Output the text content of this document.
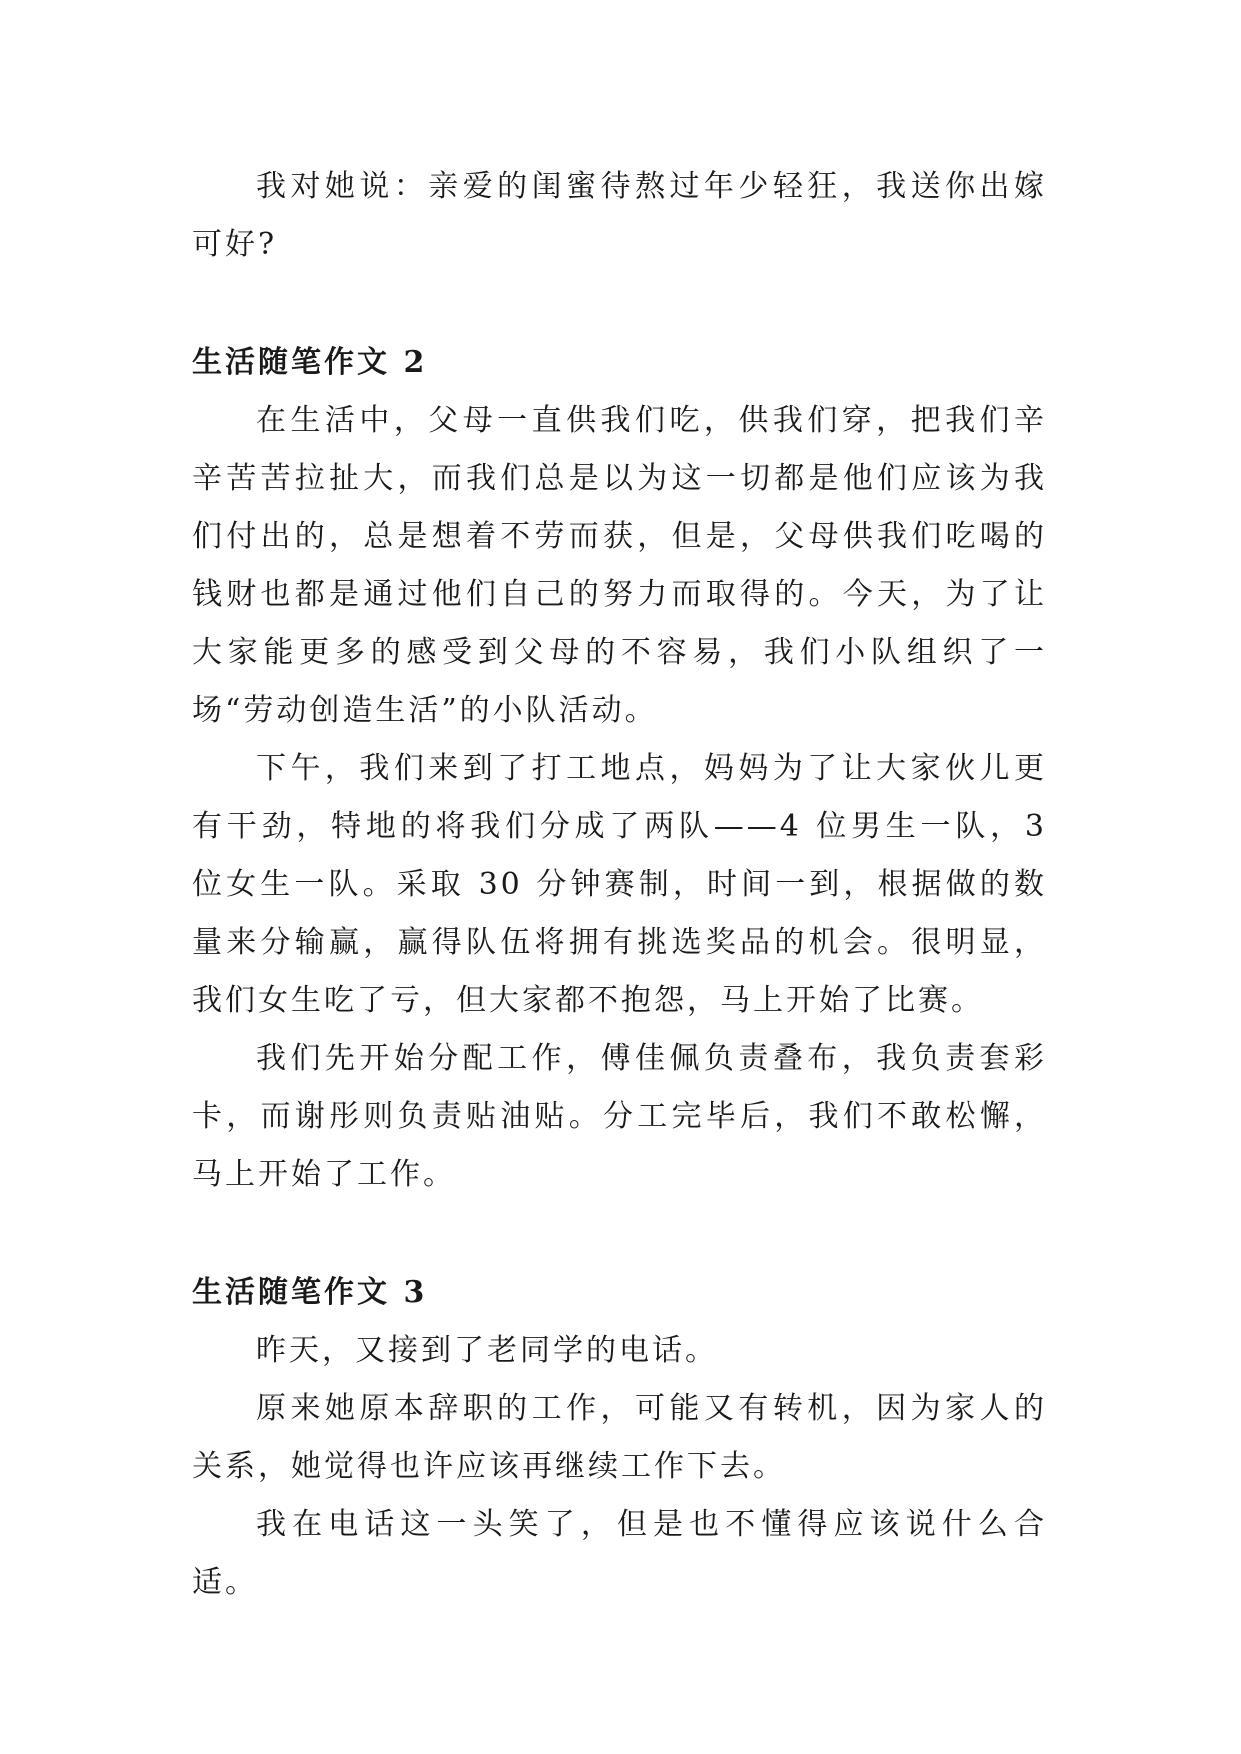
我对她说：亲爱的闺蜜待熬过年少轻狂，我送你出嫁可好?

生活随笔作文 2

在生活中，父母一直供我们吃，供我们穿，把我们辛辛苦苦拉扯大，而我们总是以为这一切都是他们应该为我们付出的，总是想着不劳而获，但是，父母供我们吃喝的钱财也都是通过他们自己的努力而取得的。今天，为了让大家能更多的感受到父母的不容易，我们小队组织了一场“劳动创造生活”的小队活动。

下午，我们来到了打工地点，妈妈为了让大家伙儿更有干劲，特地的将我们分成了两队——4 位男生一队，3 位女生一队。采取 30 分钟赛制，时间一到，根据做的数量来分输赢，赢得队伍将拥有挑选奖品的机会。很明显，我们女生吃了亏，但大家都不抱怨，马上开始了比赛。

我们先开始分配工作，傅佳佩负责叠布，我负责套彩卡，而谢彤则负责贴油贴。分工完毕后，我们不敢松懈，马上开始了工作。

生活随笔作文 3

昨天，又接到了老同学的电话。

原来她原本辞职的工作，可能又有转机，因为家人的关系，她觉得也许应该再继续工作下去。

我在电话这一头笑了，但是也不懂得应该说什么合适。
